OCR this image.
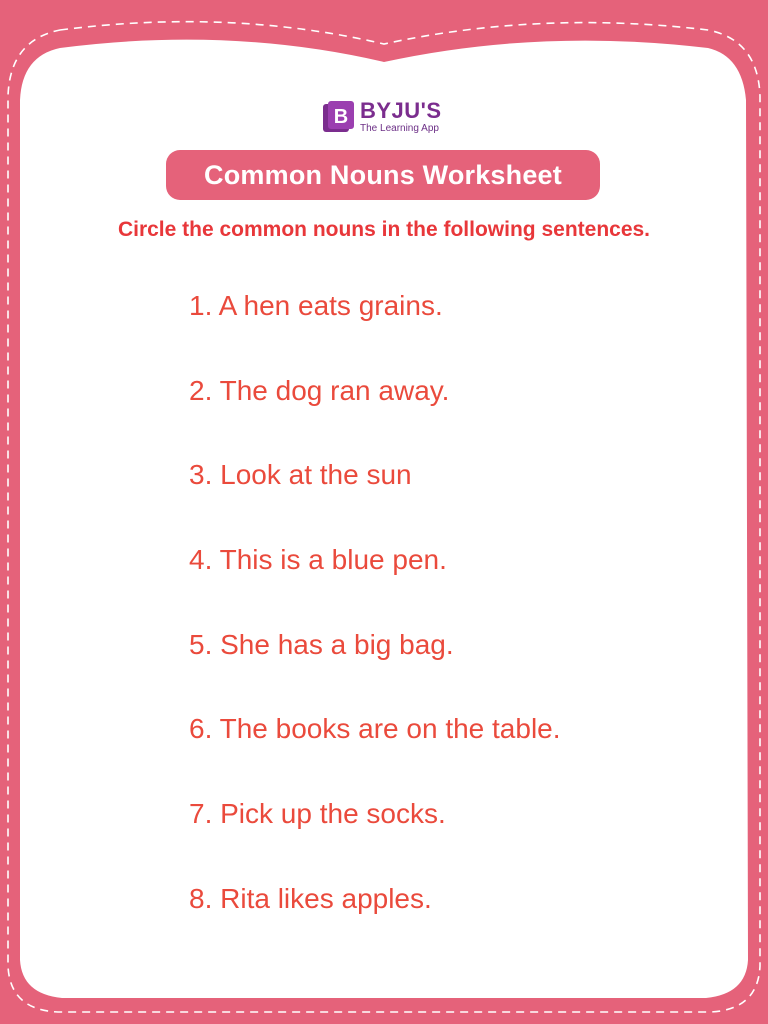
B BYJU'S
The Learning App
Common Nouns Worksheet
Circle the common nouns in the following sentences.
1. A hen eats grains.
2. The dog ran away.
3. Look at the sun
4. This is a blue pen.
5. She has a big bag.
6. The books are on the table.
7. Pick up the socks.
8. Rita likes apples.
